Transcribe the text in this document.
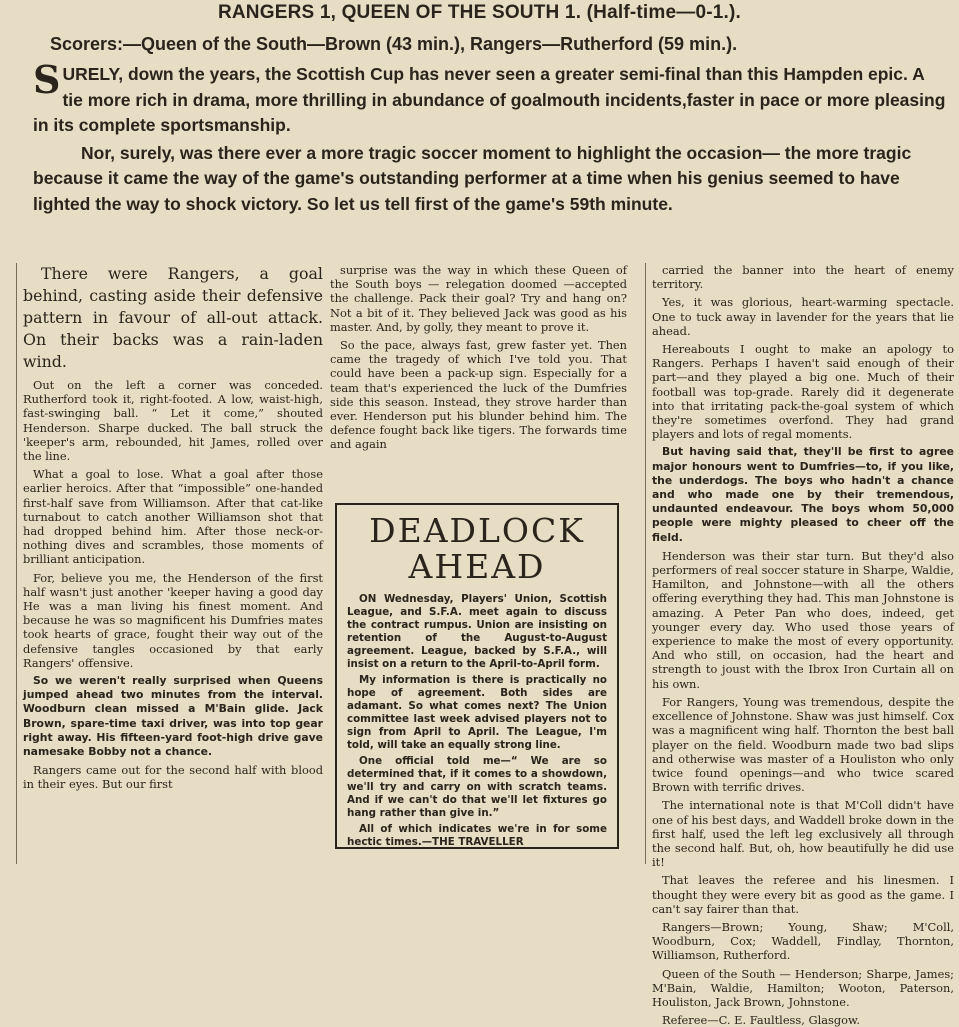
RANGERS 1, QUEEN OF THE SOUTH 1. (Half-time—0-1.).
Scorers:—Queen of the South—Brown (43 min.), Rangers—Rutherford (59 min.).

SURELY, down the years, the Scottish Cup has never seen a greater semi-final than this Hampden epic. A tie more rich in drama, more thrilling in abundance of goalmouth incidents,faster in pace or more pleasing in its complete sportsmanship.

Nor, surely, was there ever a more tragic soccer moment to highlight the occasion— the more tragic because it came the way of the game's outstanding performer at a time when his genius seemed to have lighted the way to shock victory. So let us tell first of the game's 59th minute.

There were Rangers, a goal behind, casting aside their defensive pattern in favour of all-out attack. On their backs was a rain-laden wind.

Out on the left a corner was conceded. Rutherford took it, right-footed. A low, waist-high, fast-swinging ball. “ Let it come,” shouted Henderson. Sharpe ducked. The ball struck the 'keeper's arm, rebounded, hit James, rolled over the line.

What a goal to lose. What a goal after those earlier heroics. After that “impossible” one-handed first-half save from Williamson. After that cat-like turnabout to catch another Williamson shot that had dropped behind him. After those neck-or-nothing dives and scrambles, those moments of brilliant anticipation.

For, believe you me, the Henderson of the first half wasn't just another 'keeper having a good day He was a man living his finest moment. And because he was so magnificent his Dumfries mates took hearts of grace, fought their way out of the defensive tangles occasioned by that early Rangers' offensive.

So we weren't really surprised when Queens jumped ahead two minutes from the interval. Woodburn clean missed a M'Bain glide. Jack Brown, spare-time taxi driver, was into top gear right away. His fifteen-yard foot-high drive gave namesake Bobby not a chance.

Rangers came out for the second half with blood in their eyes. But our first

surprise was the way in which these Queen of the South boys — relegation doomed —accepted the challenge. Pack their goal? Try and hang on? Not a bit of it. They believed Jack was good as his master. And, by golly, they meant to prove it.

So the pace, always fast, grew faster yet. Then came the tragedy of which I've told you. That could have been a pack-up sign. Especially for a team that's experienced the luck of the Dumfries side this season. Instead, they strove harder than ever. Henderson put his blunder behind him. The defence fought back like tigers. The forwards time and again

DEADLOCK AHEAD

ON Wednesday, Players' Union, Scottish League, and S.F.A. meet again to discuss the contract rumpus. Union are insisting on retention of the August-to-August agreement. League, backed by S.F.A., will insist on a return to the April-to-April form.

My information is there is practically no hope of agreement. Both sides are adamant. So what comes next? The Union committee last week advised players not to sign from April to April. The League, I'm told, will take an equally strong line.

One official told me—“ We are so determined that, if it comes to a showdown, we'll try and carry on with scratch teams. And if we can't do that we'll let fixtures go hang rather than give in.”

All of which indicates we're in for some hectic times.—THE TRAVELLER

carried the banner into the heart of enemy territory.

Yes, it was glorious, heart-warming spectacle. One to tuck away in lavender for the years that lie ahead.

Hereabouts I ought to make an apology to Rangers. Perhaps I haven't said enough of their part—and they played a big one. Much of their football was top-grade. Rarely did it degenerate into that irritating pack-the-goal system of which they're sometimes overfond. They had grand players and lots of regal moments.

But having said that, they'll be first to agree major honours went to Dumfries—to, if you like, the underdogs. The boys who hadn't a chance and who made one by their tremendous, undaunted endeavour. The boys whom 50,000 people were mighty pleased to cheer off the field.

Henderson was their star turn. But they'd also performers of real soccer stature in Sharpe, Waldie, Hamilton, and Johnstone—with all the others offering everything they had. This man Johnstone is amazing. A Peter Pan who does, indeed, get younger every day. Who used those years of experience to make the most of every opportunity. And who still, on occasion, had the heart and strength to joust with the Ibrox Iron Curtain all on his own.

For Rangers, Young was tremendous, despite the excellence of Johnstone. Shaw was just himself. Cox was a magnificent wing half. Thornton the best ball player on the field. Woodburn made two bad slips and otherwise was master of a Houliston who only twice found openings—and who twice scared Brown with terrific drives.

The international note is that M'Coll didn't have one of his best days, and Waddell broke down in the first half, used the left leg exclusively all through the second half. But, oh, how beautifully he did use it!

That leaves the referee and his linesmen. I thought they were every bit as good as the game. I can't say fairer than that.

Rangers—Brown; Young, Shaw; M'Coll, Woodburn, Cox; Waddell, Findlay, Thornton, Williamson, Rutherford.

Queen of the South — Henderson; Sharpe, James; M'Bain, Waldie, Hamilton; Wooton, Paterson, Houliston, Jack Brown, Johnstone.

Referee—C. E. Faultless, Glasgow.
